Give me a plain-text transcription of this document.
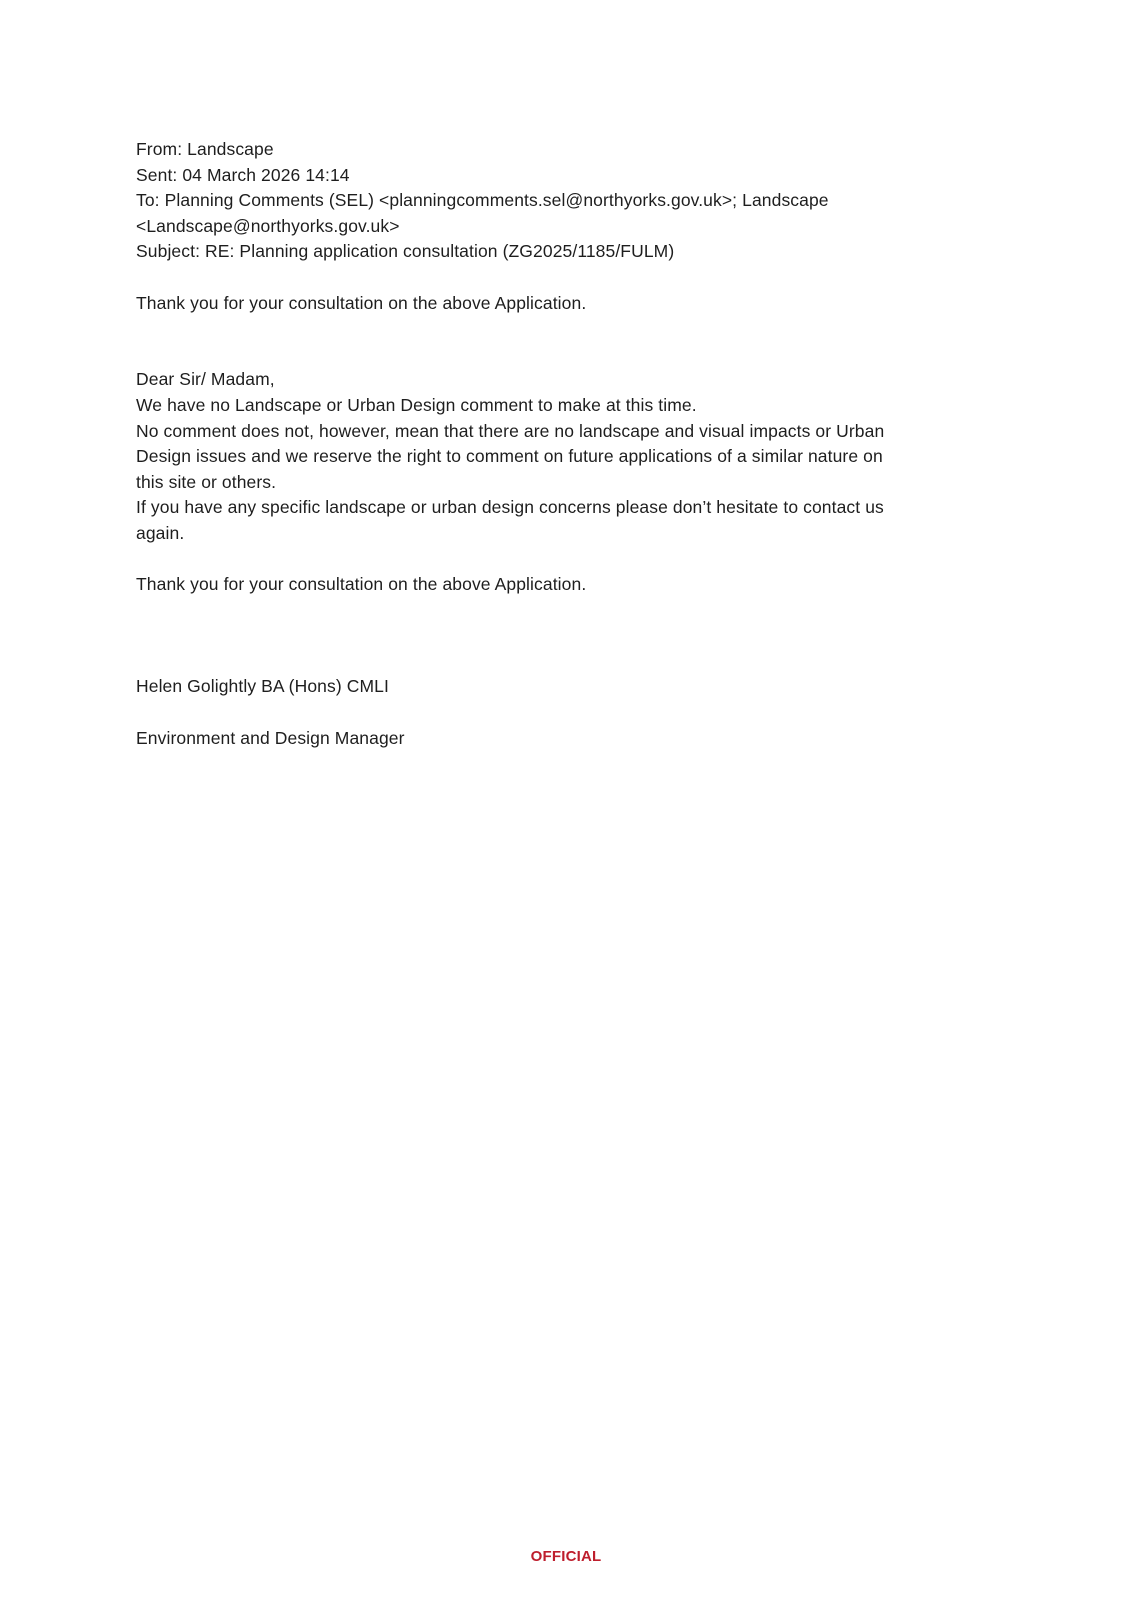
From: Landscape
Sent: 04 March 2026 14:14
To: Planning Comments (SEL) <planningcomments.sel@northyorks.gov.uk>; Landscape
<Landscape@northyorks.gov.uk>
Subject: RE: Planning application consultation (ZG2025/1185/FULM)
Thank you for your consultation on the above Application.
Dear Sir/ Madam,
We have no Landscape or Urban Design comment to make at this time.
No comment does not, however, mean that there are no landscape and visual impacts or Urban
Design issues and we reserve the right to comment on future applications of a similar nature on
this site or others.
If you have any specific landscape or urban design concerns please don’t hesitate to contact us
again.
Thank you for your consultation on the above Application.
Helen Golightly BA (Hons) CMLI
Environment and Design Manager
OFFICIAL
